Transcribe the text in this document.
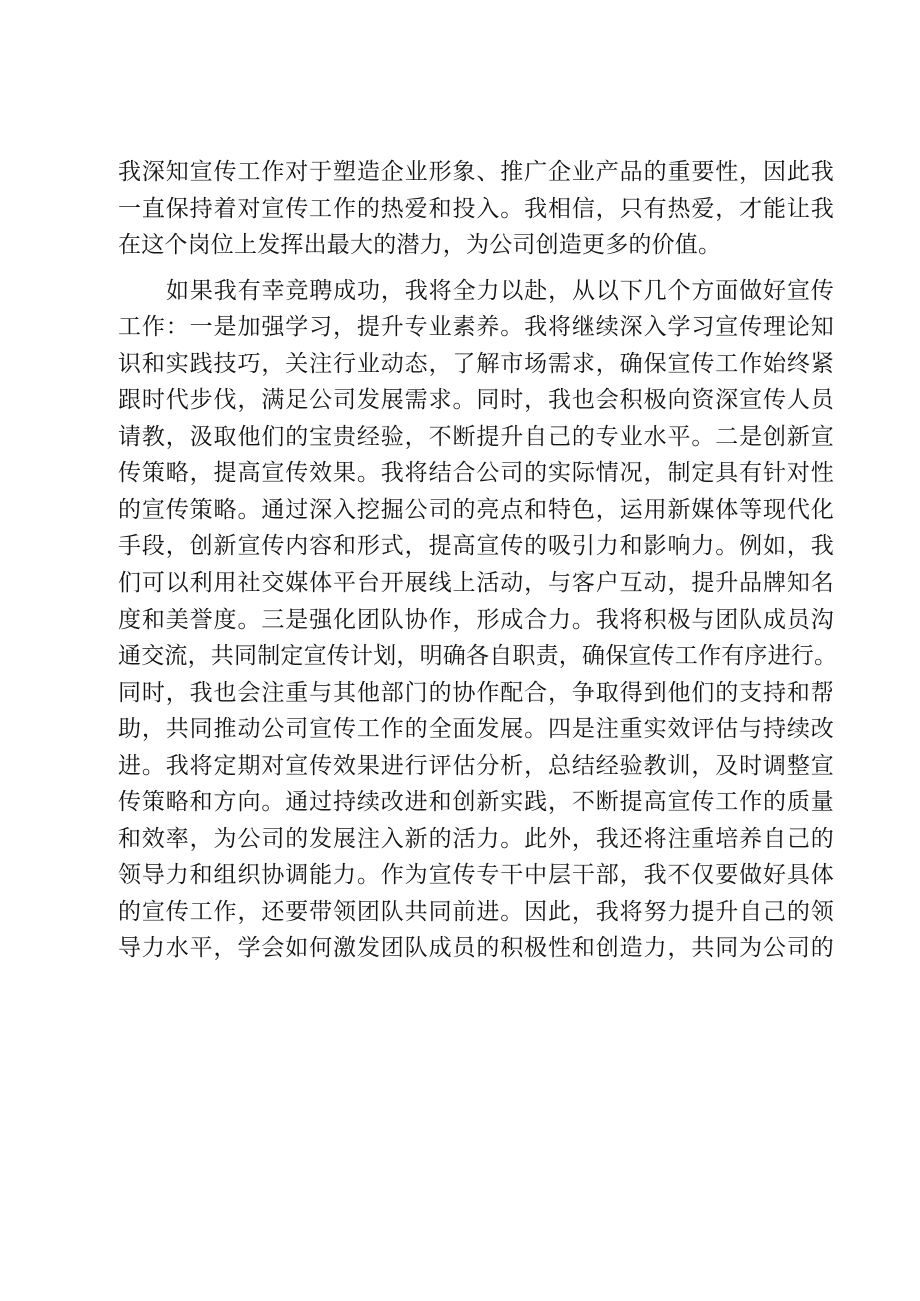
我深知宣传工作对于塑造企业形象、推广企业产品的重要性，因此我
一直保持着对宣传工作的热爱和投入。我相信，只有热爱，才能让我
在这个岗位上发挥出最大的潜力，为公司创造更多的价值。
如果我有幸竞聘成功，我将全力以赴，从以下几个方面做好宣传
工作：一是加强学习，提升专业素养。我将继续深入学习宣传理论知
识和实践技巧，关注行业动态，了解市场需求，确保宣传工作始终紧
跟时代步伐，满足公司发展需求。同时，我也会积极向资深宣传人员
请教，汲取他们的宝贵经验，不断提升自己的专业水平。二是创新宣
传策略，提高宣传效果。我将结合公司的实际情况，制定具有针对性
的宣传策略。通过深入挖掘公司的亮点和特色，运用新媒体等现代化
手段，创新宣传内容和形式，提高宣传的吸引力和影响力。例如，我
们可以利用社交媒体平台开展线上活动，与客户互动，提升品牌知名
度和美誉度。三是强化团队协作，形成合力。我将积极与团队成员沟
通交流，共同制定宣传计划，明确各自职责，确保宣传工作有序进行。
同时，我也会注重与其他部门的协作配合，争取得到他们的支持和帮
助，共同推动公司宣传工作的全面发展。四是注重实效评估与持续改
进。我将定期对宣传效果进行评估分析，总结经验教训，及时调整宣
传策略和方向。通过持续改进和创新实践，不断提高宣传工作的质量
和效率，为公司的发展注入新的活力。此外，我还将注重培养自己的
领导力和组织协调能力。作为宣传专干中层干部，我不仅要做好具体
的宣传工作，还要带领团队共同前进。因此，我将努力提升自己的领
导力水平，学会如何激发团队成员的积极性和创造力，共同为公司的
